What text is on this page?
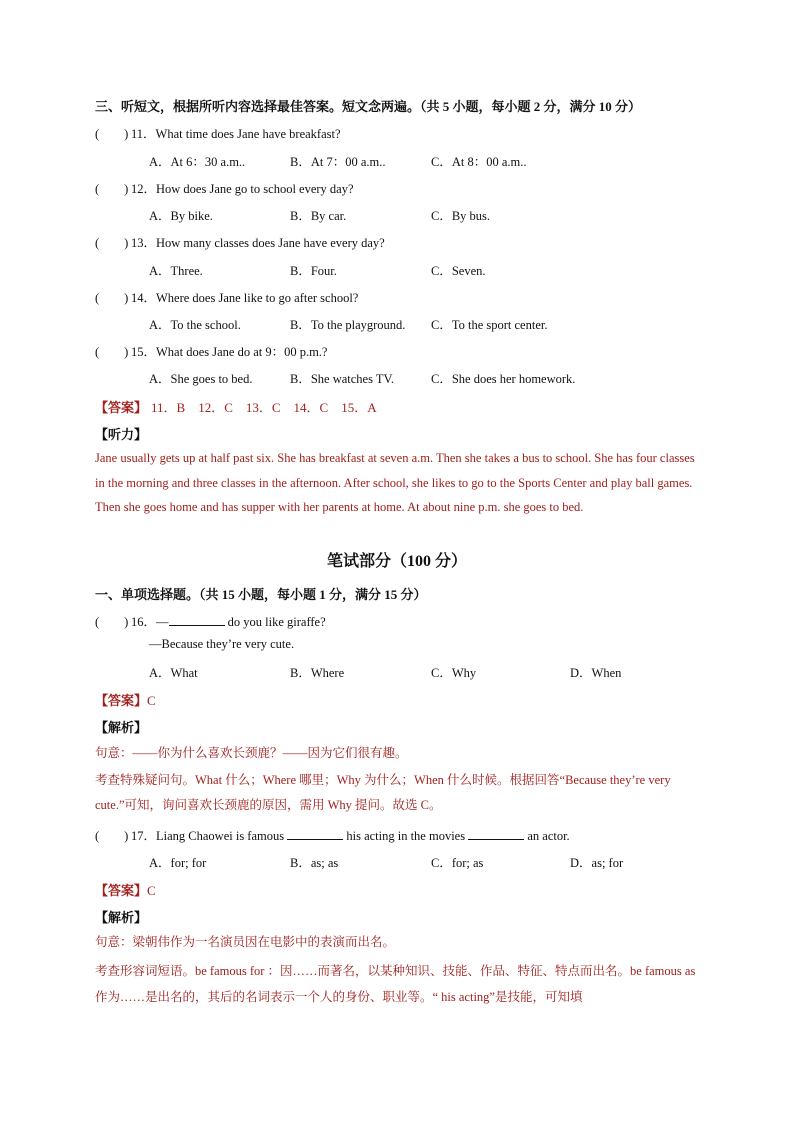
三、听短文，根据所听内容选择最佳答案。短文念两遍。（共 5 小题，每小题 2 分，满分 10 分）
(　　) 11．What time does Jane have breakfast?
A．At 6：30 a.m..	B．At 7：00 a.m..	C．At 8：00 a.m..
(　　) 12．How does Jane go to school every day?
A．By bike.	B．By car.	C．By bus.
(　　) 13．How many classes does Jane have every day?
A．Three.	B．Four.	C．Seven.
(　　) 14．Where does Jane like to go after school?
A．To the school.	B．To the playground. C．To the sport center.
(　　) 15．What does Jane do at 9：00 p.m.?
A．She goes to bed.	B．She watches TV.	C．She does her homework.
【答案】 11．B　12．C　13．C　14．C　15．A
【听力】
Jane usually gets up at half past six. She has breakfast at seven a.m. Then she takes a bus to school. She has four classes in the morning and three classes in the afternoon. After school, she likes to go to the Sports Center and play ball games. Then she goes home and has supper with her parents at home. At about nine p.m. she goes to bed.
笔试部分（100 分）
一、单项选择题。（共 15 小题，每小题 1 分，满分 15 分）
(　　) 16．—	do you like giraffe?
—Because they’re very cute.
A．What	B．Where	C．Why	D．When
【答案】C
【解析】
句意：——你为什么喜欢长颈鹿？——因为它们很有趣。
考查特殊疑问句。What 什么；Where 哪里；Why 为什么；When 什么时候。根据回答“Because they’re very cute.”可知，询问喜欢长颈鹿的原因，需用 Why 提问。故选 C。
(　　) 17．Liang Chaowei is famous	his acting in the movies	an actor.
A．for; for	B．as; as	C．for; as	D．as; for
【答案】C
【解析】
句意：梁朝伟作为一名演员因在电影中的表演而出名。
考查形容词短语。be famous for ：因……而著名，以某种知识、技能、作品、特征、特点而出名。be famous as 作为……是出名的，其后的名词表示一个人的身份、职业等。“ his acting”是技能，可知填
